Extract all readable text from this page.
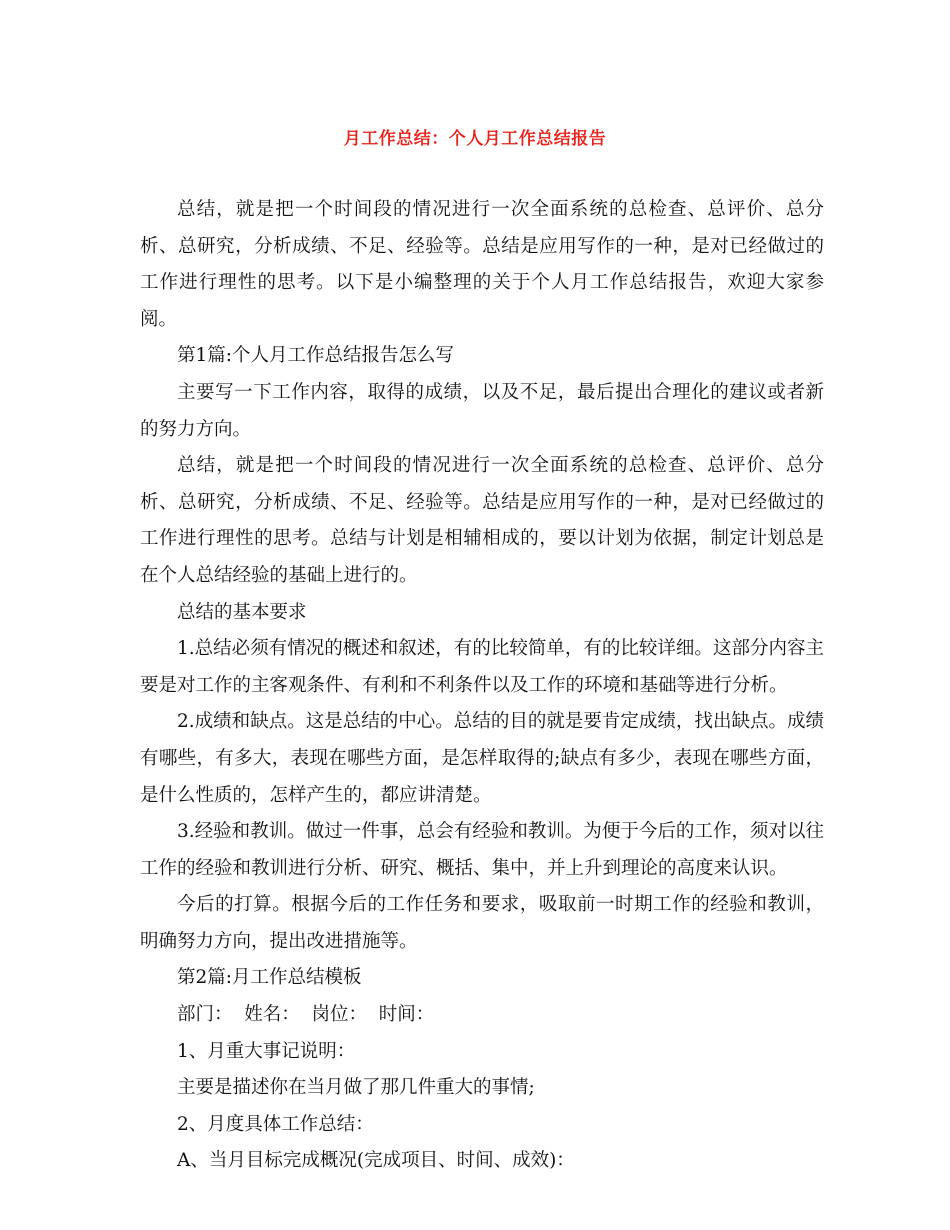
月工作总结：个人月工作总结报告

总结，就是把一个时间段的情况进行一次全面系统的总检查、总评价、总分析、总研究，分析成绩、不足、经验等。总结是应用写作的一种，是对已经做过的工作进行理性的思考。以下是小编整理的关于个人月工作总结报告，欢迎大家参阅。

第1篇:个人月工作总结报告怎么写

主要写一下工作内容，取得的成绩，以及不足，最后提出合理化的建议或者新的努力方向。

总结，就是把一个时间段的情况进行一次全面系统的总检查、总评价、总分析、总研究，分析成绩、不足、经验等。总结是应用写作的一种，是对已经做过的工作进行理性的思考。总结与计划是相辅相成的，要以计划为依据，制定计划总是在个人总结经验的基础上进行的。

总结的基本要求

1.总结必须有情况的概述和叙述，有的比较简单，有的比较详细。这部分内容主要是对工作的主客观条件、有利和不利条件以及工作的环境和基础等进行分析。

2.成绩和缺点。这是总结的中心。总结的目的就是要肯定成绩，找出缺点。成绩有哪些，有多大，表现在哪些方面，是怎样取得的;缺点有多少，表现在哪些方面，是什么性质的，怎样产生的，都应讲清楚。

3.经验和教训。做过一件事，总会有经验和教训。为便于今后的工作，须对以往工作的经验和教训进行分析、研究、概括、集中，并上升到理论的高度来认识。

今后的打算。根据今后的工作任务和要求，吸取前一时期工作的经验和教训，明确努力方向，提出改进措施等。

第2篇:月工作总结模板

部门：  姓名：  岗位：  时间：

1、月重大事记说明：

主要是描述你在当月做了那几件重大的事情;

2、月度具体工作总结：

A、当月目标完成概况(完成项目、时间、成效)：
